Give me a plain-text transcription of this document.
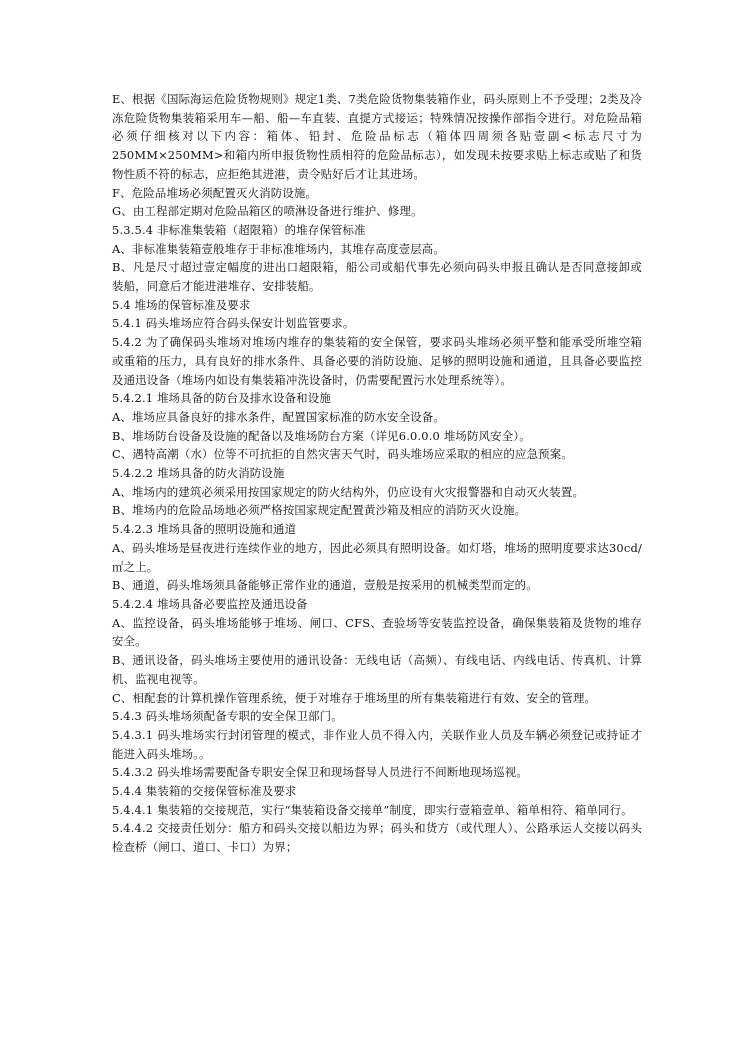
E、根据《国际海运危险货物规则》规定1类、7类危险货物集装箱作业，码头原则上不予受理；2类及冷冻危险货物集装箱采用车—船、船—车直装、直提方式接运；特殊情况按操作部指令进行。对危险品箱必须仔细核对以下内容：箱体、铅封、危险品标志（箱体四周须各贴壹副<标志尺寸为250MM×250MM>和箱内所申报货物性质相符的危险品标志），如发现未按要求贴上标志或贴了和货物性质不符的标志，应拒绝其进港，责令贴好后才让其进场。

F、危险品堆场必须配置灭火消防设施。

G、由工程部定期对危险品箱区的喷淋设备进行维护、修理。

5.3.5.4 非标准集装箱（超限箱）的堆存保管标准

A、非标准集装箱壹般堆存于非标准堆场内，其堆存高度壹层高。

B、凡是尺寸超过壹定幅度的进出口超限箱，船公司或船代事先必须向码头申报且确认是否同意接卸或装船，同意后才能进港堆存、安排装船。

5.4 堆场的保管标准及要求

5.4.1 码头堆场应符合码头保安计划监管要求。

5.4.2 为了确保码头堆场对堆场内堆存的集装箱的安全保管，要求码头堆场必须平整和能承受所堆空箱或重箱的压力，具有良好的排水条件、具备必要的消防设施、足够的照明设施和通道，且具备必要监控及通迅设备（堆场内如设有集装箱冲洗设备时，仍需要配置污水处理系统等）。

5.4.2.1 堆场具备的防台及排水设备和设施

A、堆场应具备良好的排水条件，配置国家标准的防水安全设备。

B、堆场防台设备及设施的配备以及堆场防台方案（详见6.0.0.0 堆场防风安全）。

C、遇特高潮（水）位等不可抗拒的自然灾害天气时，码头堆场应采取的相应的应急预案。

5.4.2.2 堆场具备的防火消防设施

A、堆场内的建筑必须采用按国家规定的防火结构外，仍应设有火灾报警器和自动灭火装置。

B、堆场内的危险品场地必须严格按国家规定配置黄沙箱及相应的消防灭火设施。

5.4.2.3 堆场具备的照明设施和通道

A、码头堆场是昼夜进行连续作业的地方，因此必须具有照明设备。如灯塔，堆场的照明度要求达30cd/㎡之上。

B、通道，码头堆场须具备能够正常作业的通道，壹般是按采用的机械类型而定的。

5.4.2.4 堆场具备必要监控及通迅设备

A、监控设备，码头堆场能够于堆场、闸口、CFS、查验场等安装监控设备，确保集装箱及货物的堆存安全。

B、通讯设备，码头堆场主要使用的通讯设备：无线电话（高频）、有线电话、内线电话、传真机、计算机、监视电视等。

C、相配套的计算机操作管理系统，便于对堆存于堆场里的所有集装箱进行有效、安全的管理。

5.4.3 码头堆场须配备专职的安全保卫部门。

5.4.3.1 码头堆场实行封闭管理的模式，非作业人员不得入内，关联作业人员及车辆必须登记或持证才能进入码头堆场。。

5.4.3.2 码头堆场需要配备专职安全保卫和现场督导人员进行不间断地现场巡视。

5.4.4 集装箱的交接保管标准及要求

5.4.4.1 集装箱的交接规范，实行“集装箱设备交接单”制度，即实行壹箱壹单、箱单相符、箱单同行。

5.4.4.2 交接责任划分：船方和码头交接以船边为界；码头和货方（或代理人）、公路承运人交接以码头检查桥（闸口、道口、卡口）为界；
